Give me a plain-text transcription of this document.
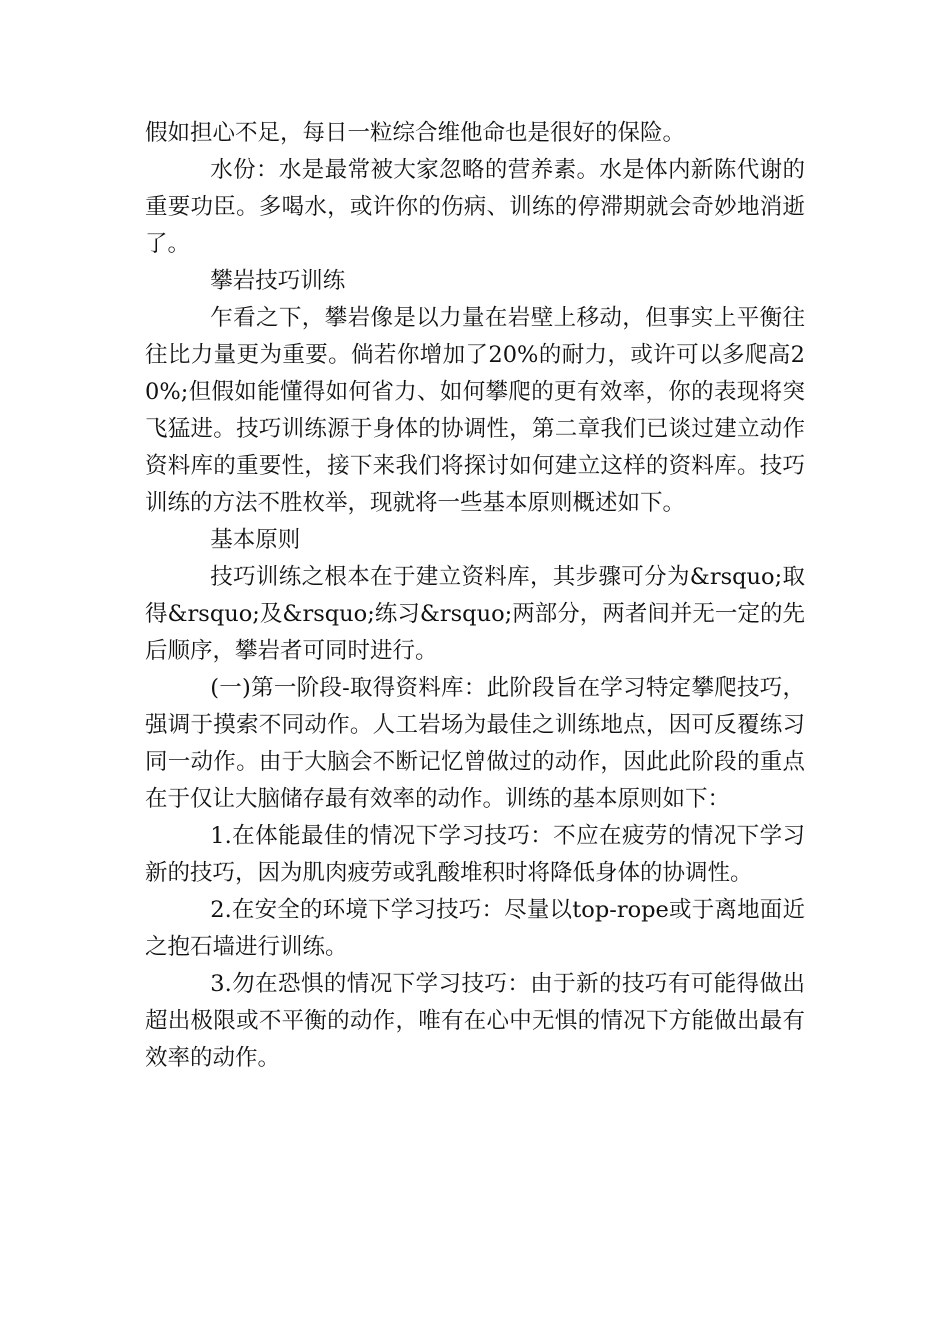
假如担心不足，每日一粒综合维他命也是很好的保险。

水份：水是最常被大家忽略的营养素。水是体内新陈代谢的重要功臣。多喝水，或许你的伤病、训练的停滞期就会奇妙地消逝了。

攀岩技巧训练

乍看之下，攀岩像是以力量在岩壁上移动，但事实上平衡往往比力量更为重要。倘若你增加了20%的耐力，或许可以多爬高20%;但假如能懂得如何省力、如何攀爬的更有效率，你的表现将突飞猛进。技巧训练源于身体的协调性，第二章我们已谈过建立动作资料库的重要性，接下来我们将探讨如何建立这样的资料库。技巧训练的方法不胜枚举，现就将一些基本原则概述如下。

基本原则

技巧训练之根本在于建立资料库，其步骤可分为&rsquo;取得&rsquo;及&rsquo;练习&rsquo;两部分，两者间并无一定的先后顺序，攀岩者可同时进行。

(一)第一阶段-取得资料库：此阶段旨在学习特定攀爬技巧，强调于摸索不同动作。人工岩场为最佳之训练地点，因可反覆练习同一动作。由于大脑会不断记忆曾做过的动作，因此此阶段的重点在于仅让大脑储存最有效率的动作。训练的基本原则如下：

1.在体能最佳的情况下学习技巧：不应在疲劳的情况下学习新的技巧，因为肌肉疲劳或乳酸堆积时将降低身体的协调性。

2.在安全的环境下学习技巧：尽量以top-rope或于离地面近之抱石墙进行训练。

3.勿在恐惧的情况下学习技巧：由于新的技巧有可能得做出超出极限或不平衡的动作，唯有在心中无惧的情况下方能做出最有效率的动作。
